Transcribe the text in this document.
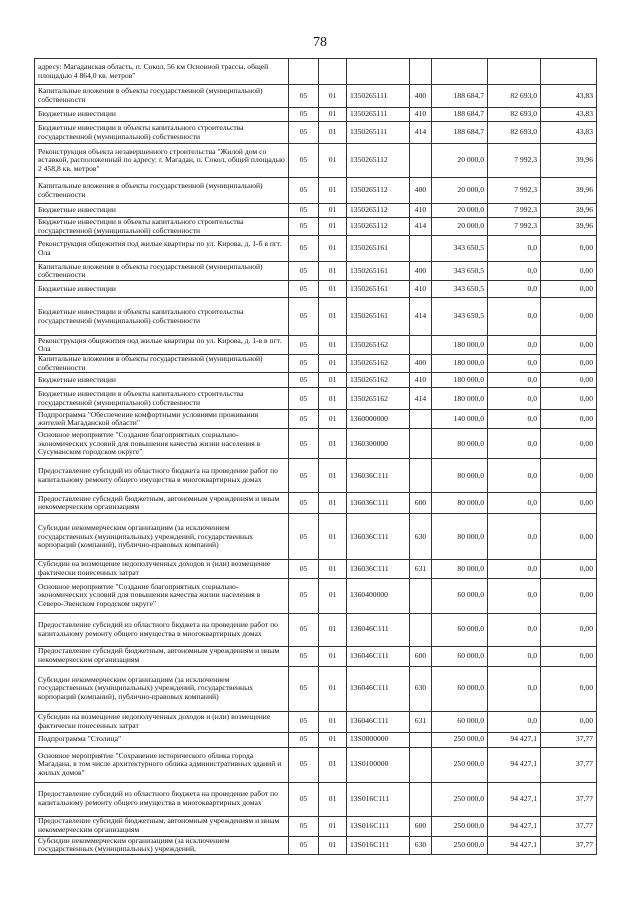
78
адресу: Магаданская область, п. Сокол, 56 км Основной трассы, общей площадью 4 864,0 кв. метров"							
Капитальные вложения в объекты государственной (муниципальной) собственности	05	01	1350265111	400	188 684,7	82 693,0	43,83
Бюджетные инвестиции	05	01	1350265111	410	188 684,7	82 693,0	43,83
Бюджетные инвестиции в объекты капитального строительства государственной (муниципальной) собственности	05	01	1350265111	414	188 684,7	82 693,0	43,83
Реконструкция объекта незавершенного строительства "Жилой дом со вставкой, расположенный по адресу: г. Магадан, п. Сокол, общей площадью 2 458,8 кв. метров"	05	01	1350265112		20 000,0	7 992,3	39,96
Капитальные вложения в объекты государственной (муниципальной) собственности	05	01	1350265112	400	20 000,0	7 992,3	39,96
Бюджетные инвестиции	05	01	1350265112	410	20 000,0	7 992,3	39,96
Бюджетные инвестиции в объекты капитального строительства государственной (муниципальной) собственности	05	01	1350265112	414	20 000,0	7 992,3	39,96
Реконструкция общежития под жилые квартиры по ул. Кирова, д. 1-б в пгт. Ола	05	01	1350265161		343 650,5	0,0	0,00
Капитальные вложения в объекты государственной (муниципальной) собственности	05	01	1350265161	400	343 650,5	0,0	0,00
Бюджетные инвестиции	05	01	1350265161	410	343 650,5	0,0	0,00
Бюджетные инвестиции в объекты капитального строительства государственной (муниципальной) собственности	05	01	1350265161	414	343 650,5	0,0	0,00
Реконструкция общежития под жилые квартиры по ул. Кирова, д. 1-в в пгт. Ола	05	01	1350265162		180 000,0	0,0	0,00
Капитальные вложения в объекты государственной (муниципальной) собственности	05	01	1350265162	400	180 000,0	0,0	0,00
Бюджетные инвестиции	05	01	1350265162	410	180 000,0	0,0	0,00
Бюджетные инвестиции в объекты капитального строительства государственной (муниципальной) собственности	05	01	1350265162	414	180 000,0	0,0	0,00
Подпрограмма "Обеспечение комфортными условиями проживания жителей Магаданской области"	05	01	1360000000		140 000,0	0,0	0,00
Основное мероприятие "Создание благоприятных социально-экономических условий для повышения качества жизни населения в Сусуманском городском округе"	05	01	1360300000		80 000,0	0,0	0,00
Предоставление субсидий из областного бюджета на проведение работ по капитальному ремонту общего имущества в многоквартирных домах	05	01	136036С111		80 000,0	0,0	0,00
Предоставление субсидий бюджетным, автономным учреждениям и иным некоммерческим организациям	05	01	136036С111	600	80 000,0	0,0	0,00
Субсидии некоммерческим организациям (за исключением государственных (муниципальных) учреждений, государственных корпораций (компаний), публично-правовых компаний)	05	01	136036С111	630	80 000,0	0,0	0,00
Субсидии на возмещение недополученных доходов и (или) возмещение фактически понесенных затрат	05	01	136036С111	631	80 000,0	0,0	0,00
Основное мероприятие "Создание благоприятных социально-экономических условий для повышения качества жизни населения в Северо-Эвенском городском округе"	05	01	1360400000		60 000,0	0,0	0,00
Предоставление субсидий из областного бюджета на проведение работ по капитальному ремонту общего имущества в многоквартирных домах	05	01	136046С111		60 000,0	0,0	0,00
Предоставление субсидий бюджетным, автономным учреждениям и иным некоммерческим организациям	05	01	136046С111	600	60 000,0	0,0	0,00
Субсидии некоммерческим организациям (за исключением государственных (муниципальных) учреждений, государственных корпораций (компаний), публично-правовых компаний)	05	01	136046С111	630	60 000,0	0,0	0,00
Субсидии на возмещение недополученных доходов и (или) возмещение фактически понесенных затрат	05	01	136046С111	631	60 000,0	0,0	0,00
Подпрограмма "Столица"	05	01	13S0000000		250 000,0	94 427,1	37,77
Основное мероприятие "Сохранение исторического облика города Магадана, в том числе архитектурного облика административных зданий и жилых домов"	05	01	13S0100000		250 000,0	94 427,1	37,77
Предоставление субсидий из областного бюджета на проведение работ по капитальному ремонту общего имущества в многоквартирных домах	05	01	13S016С111		250 000,0	94 427,1	37,77
Предоставление субсидий бюджетным, автономным учреждениям и иным некоммерческим организациям	05	01	13S016С111	600	250 000,0	94 427,1	37,77
Субсидии некоммерческим организациям (за исключением государственных (муниципальных) учреждений,	05	01	13S016С111	630	250 000,0	94 427,1	37,77
